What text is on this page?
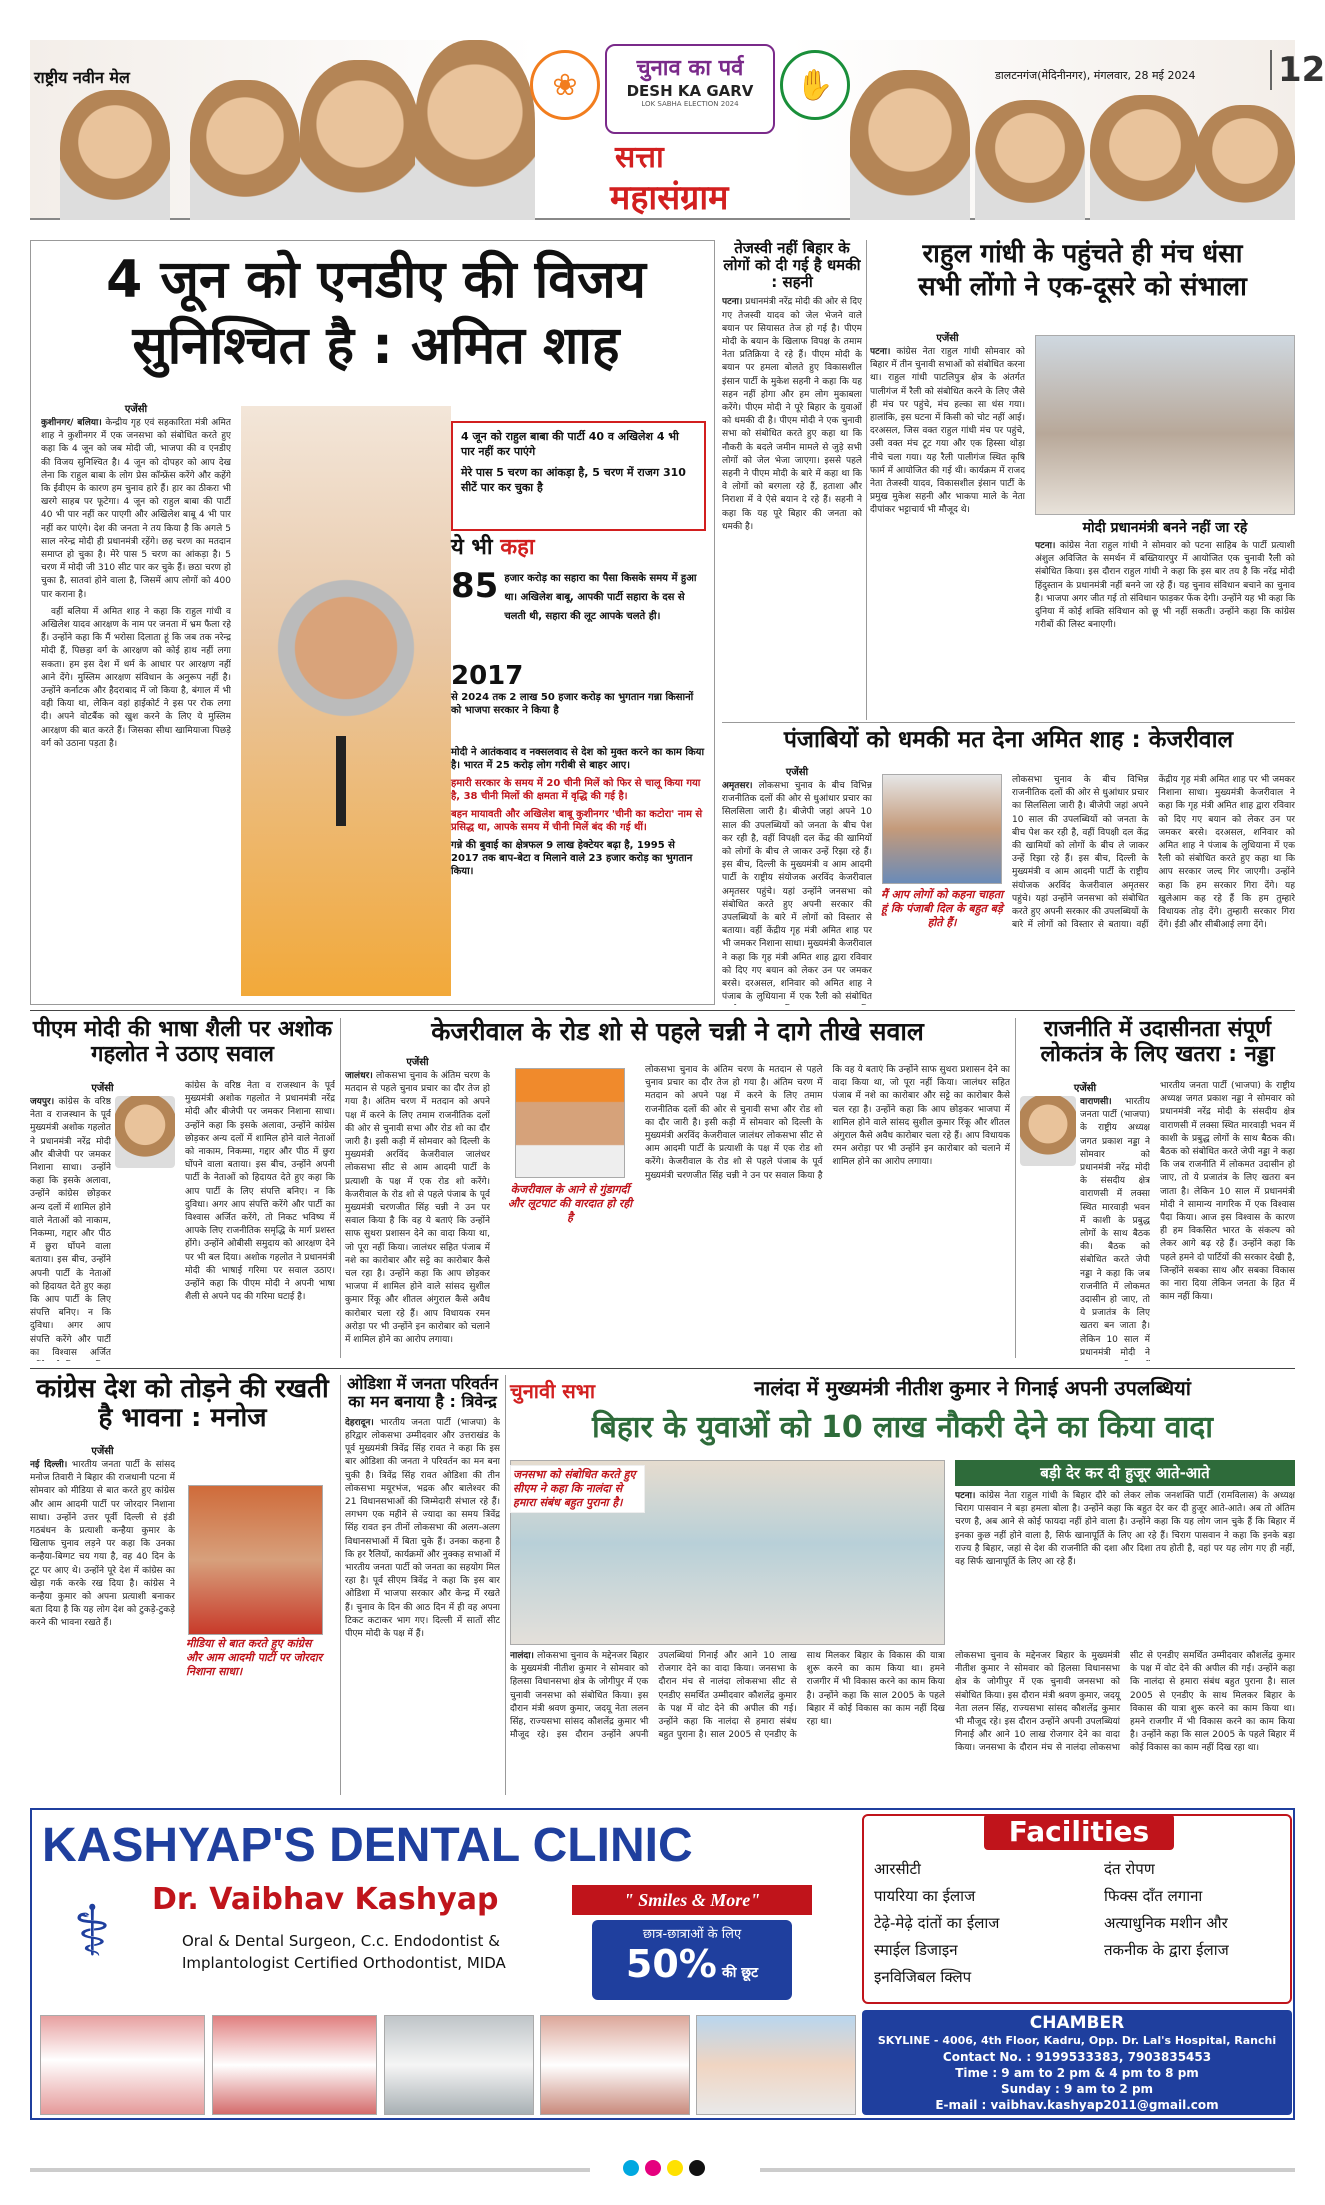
राष्ट्रीय नवीन मेल	❀	चुनाव का पर्व
DESH KA GARV
LOK SABHA ELECTION 2024
✋
सत्ता
महासंग्राम
डालटनगंज(मेदिनीनगर), मंगलवार, 28 मई 2024 12
4 जून को एनडीए की विजय
सुनिश्चित है : अमित शाह
एजेंसी
कुशीनगर/ बलिया। केन्द्रीय गृह एवं सहकारिता मंत्री अमित शाह ने कुशीनगर में एक जनसभा को संबोधित करते हुए कहा कि 4 जून को जब मोदी जी, भाजपा की व एनडीए की विजय सुनिश्चित है। 4 जून को दोपहर को आप देख लेना कि राहुल बाबा के लोग प्रेस कॉन्फ्रेंस करेंगे और कहेंगे कि ईवीएम के कारण हम चुनाव हारे हैं। हार का ठीकरा भी खरगे साहब पर फूटेगा। 4 जून को राहुल बाबा की पार्टी 40 भी पार नहीं कर पाएगी और अखिलेश बाबू 4 भी पार नहीं कर पाएंगे। देश की जनता ने तय किया है कि अगले 5 साल नरेन्द्र मोदी ही प्रधानमंत्री रहेंगे। छह चरण का मतदान समाप्त हो चुका है। मेरे पास 5 चरण का आंकड़ा है। 5 चरण में मोदी जी 310 सीट पार कर चुके हैं। छठा चरण हो चुका है, सातवां होने वाला है, जिसमें आप लोगों को 400 पार कराना है।

वहीं बलिया में अमित शाह ने कहा कि राहुल गांधी व अखिलेश यादव आरक्षण के नाम पर जनता में भ्रम फैला रहे हैं। उन्होंने कहा कि मैं भरोसा दिलाता हूं कि जब तक नरेन्द्र मोदी हैं, पिछड़ा वर्ग के आरक्षण को कोई हाथ नहीं लगा सकता। हम इस देश में धर्म के आधार पर आरक्षण नहीं आने देंगे। मुस्लिम आरक्षण संविधान के अनुरूप नहीं है। उन्होंने कर्नाटक और हैदराबाद में जो किया है, बंगाल में भी वही किया था, लेकिन वहां हाईकोर्ट ने इस पर रोक लगा दी। अपने वोटबैंक को खुश करने के लिए ये मुस्लिम आरक्षण की बात करते हैं। जिसका सीधा खामियाजा पिछड़े वर्ग को उठाना पड़ता है।

4 जून को राहुल बाबा की पार्टी 40 व अखिलेश 4 भी पार नहीं कर पाएंगे
मेरे पास 5 चरण का आंकड़ा है, 5 चरण में राजग 310 सीटें पार कर चुका है
ये भी कहा
85 हजार करोड़ का सहारा का पैसा किसके समय में हुआ था। अखिलेश बाबू, आपकी पार्टी सहारा के दस से चलती थी, सहारा की लूट आपके चलते ही।
2017
से 2024 तक 2 लाख 50 हजार करोड़ का भुगतान गन्ना किसानों को भाजपा सरकार ने किया है
मोदी ने आतंकवाद व नक्सलवाद से देश को मुक्त करने का काम किया है। भारत में 25 करोड़ लोग गरीबी से बाहर आए।
हमारी सरकार के समय में 20 चीनी मिलें को फिर से चालू किया गया है, 38 चीनी मिलों की क्षमता में वृद्धि की गई है।
बहन मायावती और अखिलेश बाबू कुशीनगर 'चीनी का कटोरा' नाम से प्रसिद्ध था, आपके समय में चीनी मिलें बंद की गई थीं।
गन्ने की बुवाई का क्षेत्रफल 9 लाख हेक्टेयर बढ़ा है, 1995 से 2017 तक बाप-बेटा व मिलाने वाले 23 हजार करोड़ का भुगतान किया।
तेजस्वी नहीं बिहार के लोगों को दी गई है धमकी : सहनी
पटना। प्रधानमंत्री नरेंद्र मोदी की ओर से दिए गए तेजस्वी यादव को जेल भेजने वाले बयान पर सियासत तेज हो गई है। पीएम मोदी के बयान के खिलाफ विपक्ष के तमाम नेता प्रतिक्रिया दे रहे हैं। पीएम मोदी के बयान पर हमला बोलते हुए विकासशील इंसान पार्टी के मुकेश सहनी ने कहा कि यह सहन नहीं होगा और हम लोग मुकाबला करेंगे। पीएम मोदी ने पूरे बिहार के युवाओं को धमकी दी है। पीएम मोदी ने एक चुनावी सभा को संबोधित करते हुए कहा था कि नौकरी के बदले जमीन मामले से जुड़े सभी लोगों को जेल भेजा जाएगा। इससे पहले सहनी ने पीएम मोदी के बारे में कहा था कि वे लोगों को बरगला रहे हैं, हताशा और निराशा में वे ऐसे बयान दे रहे हैं। सहनी ने कहा कि यह पूरे बिहार की जनता को धमकी है।
राहुल गांधी के पहुंचते ही मंच धंसा
सभी लोंगो ने एक-दूसरे को संभाला
एजेंसी
पटना। कांग्रेस नेता राहुल गांधी सोमवार को बिहार में तीन चुनावी सभाओं को संबोधित करना था। राहुल गांधी पाटलिपुत्र क्षेत्र के अंतर्गत पालीगंज में रैली को संबोधित करने के लिए जैसे ही मंच पर पहुंचे, मंच हल्का सा धंस गया। हालांकि, इस घटना में किसी को चोट नहीं आई। दरअसल, जिस वक्त राहुल गांधी मंच पर पहुंचे, उसी वक्त मंच टूट गया और एक हिस्सा थोड़ा नीचे चला गया। यह रैली पालीगंज स्थित कृषि फार्म में आयोजित की गई थी। कार्यक्रम में राजद नेता तेजस्वी यादव, विकासशील इंसान पार्टी के प्रमुख मुकेश सहनी और भाकपा माले के नेता दीपांकर भट्टाचार्य भी मौजूद थे।
मोदी प्रधानमंत्री बनने नहीं जा रहे
पटना। कांग्रेस नेता राहुल गांधी ने सोमवार को पटना साहिब के पार्टी प्रत्याशी अंशुल अविजित के समर्थन में बख्तियारपुर में आयोजित एक चुनावी रैली को संबोधित किया। इस दौरान राहुल गांधी ने कहा कि इस बार तय है कि नरेंद्र मोदी हिंदुस्तान के प्रधानमंत्री नहीं बनने जा रहे हैं। यह चुनाव संविधान बचाने का चुनाव है। भाजपा अगर जीत गई तो संविधान फाड़कर फेंक देगी। उन्होंने यह भी कहा कि दुनिया में कोई शक्ति संविधान को छू भी नहीं सकती। उन्होंने कहा कि कांग्रेस गरीबों की लिस्ट बनाएगी।
पंजाबियों को धमकी मत देना अमित शाह : केजरीवाल
एजेंसी
अमृतसर। लोकसभा चुनाव के बीच विभिन्न राजनीतिक दलों की ओर से धुआंधार प्रचार का सिलसिला जारी है। बीजेपी जहां अपने 10 साल की उपलब्धियों को जनता के बीच पेश कर रही है, वहीं विपक्षी दल केंद्र की खामियों को लोगों के बीच ले जाकर उन्हें रिझा रहे हैं। इस बीच, दिल्ली के मुख्यमंत्री व आम आदमी पार्टी के राष्ट्रीय संयोजक अरविंद केजरीवाल अमृतसर पहुंचे। यहां उन्होंने जनसभा को संबोधित करते हुए अपनी सरकार की उपलब्धियों के बारे में लोगों को विस्तार से बताया। वहीं केंद्रीय गृह मंत्री अमित शाह पर भी जमकर निशाना साधा। मुख्यमंत्री केजरीवाल ने कहा कि गृह मंत्री अमित शाह द्वारा रविवार को दिए गए बयान को लेकर उन पर जमकर बरसे। दरअसल, शनिवार को अमित शाह ने पंजाब के लुधियाना में एक रैली को संबोधित
मैं आप लोगों को कहना चाहता हूं कि पंजाबी दिल के बहुत बड़े होते हैं।
लोकसभा चुनाव के बीच विभिन्न राजनीतिक दलों की ओर से धुआंधार प्रचार का सिलसिला जारी है। बीजेपी जहां अपने 10 साल की उपलब्धियों को जनता के बीच पेश कर रही है, वहीं विपक्षी दल केंद्र की खामियों को लोगों के बीच ले जाकर उन्हें रिझा रहे हैं। इस बीच, दिल्ली के मुख्यमंत्री व आम आदमी पार्टी के राष्ट्रीय संयोजक अरविंद केजरीवाल अमृतसर पहुंचे। यहां उन्होंने जनसभा को संबोधित करते हुए अपनी सरकार की उपलब्धियों के बारे में लोगों को विस्तार से बताया। वहीं केंद्रीय गृह मंत्री अमित शाह पर भी जमकर निशाना साधा। मुख्यमंत्री केजरीवाल ने कहा कि गृह मंत्री अमित शाह द्वारा रविवार को दिए गए बयान को लेकर उन पर जमकर बरसे। दरअसल, शनिवार को अमित शाह ने पंजाब के लुधियाना में एक रैली को संबोधित करते हुए कहा था कि आप सरकार जल्द गिर जाएगी। उन्होंने कहा कि हम सरकार गिरा देंगे। यह खुलेआम कह रहे हैं कि हम तुम्हारे विधायक तोड़ देंगे। तुम्हारी सरकार गिरा देंगे। ईडी और सीबीआई लगा देंगे।
पीएम मोदी की भाषा शैली पर अशोक गहलोत ने उठाए सवाल
एजेंसी
जयपुर। कांग्रेस के वरिष्ठ नेता व राजस्थान के पूर्व मुख्यमंत्री अशोक गहलोत ने प्रधानमंत्री नरेंद्र मोदी और बीजेपी पर जमकर निशाना साधा। उन्होंने कहा कि इसके अलावा, उन्होंने कांग्रेस छोड़कर अन्य दलों में शामिल होने वाले नेताओं को नाकाम, निकम्मा, गद्दार और पीठ में छुरा घोंपने वाला बताया। इस बीच, उन्होंने अपनी पार्टी के नेताओं को हिदायत देते हुए कहा कि आप पार्टी के लिए संपत्ति बनिए। न कि दुविधा। अगर आप संपत्ति करेंगे और पार्टी का विश्वास अर्जित
कांग्रेस के वरिष्ठ नेता व राजस्थान के पूर्व मुख्यमंत्री अशोक गहलोत ने प्रधानमंत्री नरेंद्र मोदी और बीजेपी पर जमकर निशाना साधा। उन्होंने कहा कि इसके अलावा, उन्होंने कांग्रेस छोड़कर अन्य दलों में शामिल होने वाले नेताओं को नाकाम, निकम्मा, गद्दार और पीठ में छुरा घोंपने वाला बताया। इस बीच, उन्होंने अपनी पार्टी के नेताओं को हिदायत देते हुए कहा कि आप पार्टी के लिए संपत्ति बनिए। न कि दुविधा। अगर आप संपत्ति करेंगे और पार्टी का विश्वास अर्जित करेंगे, तो निकट भविष्य में आपके लिए राजनीतिक समृद्धि के मार्ग प्रशस्त होंगे। उन्होंने ओबीसी समुदाय को आरक्षण देने पर भी बल दिया। अशोक गहलोत ने प्रधानमंत्री मोदी की भाषाई गरिमा पर सवाल उठाए। उन्होंने कहा कि पीएम मोदी ने अपनी भाषा शैली से अपने पद की गरिमा घटाई है।
केजरीवाल के रोड शो से पहले चन्नी ने दागे तीखे सवाल
एजेंसी
जालंधर। लोकसभा चुनाव के अंतिम चरण के मतदान से पहले चुनाव प्रचार का दौर तेज हो गया है। अंतिम चरण में मतदान को अपने पक्ष में करने के लिए तमाम राजनीतिक दलों की ओर से चुनावी सभा और रोड शो का दौर जारी है। इसी कड़ी में सोमवार को दिल्ली के मुख्यमंत्री अरविंद केजरीवाल जालंधर लोकसभा सीट से आम आदमी पार्टी के प्रत्याशी के पक्ष में एक रोड शो करेंगे। केजरीवाल के रोड शो से पहले पंजाब के पूर्व मुख्यमंत्री चरणजीत सिंह चन्नी ने उन पर सवाल किया है कि वह ये बताएं कि उन्होंने साफ सुथरा प्रशासन देने का वादा किया था, जो पूरा नहीं किया। जालंधर सहित पंजाब में नशे का कारोबार और सट्टे का कारोबार कैसे चल रहा है। उन्होंने कहा कि आप छोड़कर भाजपा में शामिल होने वाले सांसद सुशील कुमार रिंकू और शीतल अंगुराल कैसे अवैध कारोबार चला रहे हैं। आप विधायक रमन अरोड़ा पर भी उन्होंने इन कारोबार को चलाने में शामिल होने का आरोप लगाया।
केजरीवाल के आने से गुंडागर्दी और लूटपाट की वारदात हो रही है
लोकसभा चुनाव के अंतिम चरण के मतदान से पहले चुनाव प्रचार का दौर तेज हो गया है। अंतिम चरण में मतदान को अपने पक्ष में करने के लिए तमाम राजनीतिक दलों की ओर से चुनावी सभा और रोड शो का दौर जारी है। इसी कड़ी में सोमवार को दिल्ली के मुख्यमंत्री अरविंद केजरीवाल जालंधर लोकसभा सीट से आम आदमी पार्टी के प्रत्याशी के पक्ष में एक रोड शो करेंगे। केजरीवाल के रोड शो से पहले पंजाब के पूर्व मुख्यमंत्री चरणजीत सिंह चन्नी ने उन पर सवाल किया है कि वह ये बताएं कि उन्होंने साफ सुथरा प्रशासन देने का वादा किया था, जो पूरा नहीं किया। जालंधर सहित पंजाब में नशे का कारोबार और सट्टे का कारोबार कैसे चल रहा है। उन्होंने कहा कि आप छोड़कर भाजपा में शामिल होने वाले सांसद सुशील कुमार रिंकू और शीतल अंगुराल कैसे अवैध कारोबार चला रहे हैं। आप विधायक रमन अरोड़ा पर भी उन्होंने इन कारोबार को चलाने में शामिल होने का आरोप लगाया।
राजनीति में उदासीनता संपूर्ण लोकतंत्र के लिए खतरा : नड्डा
एजेंसी
वाराणसी। भारतीय जनता पार्टी (भाजपा) के राष्ट्रीय अध्यक्ष जगत प्रकाश नड्डा ने सोमवार को प्रधानमंत्री नरेंद्र मोदी के संसदीय क्षेत्र वाराणसी में लक्सा स्थित मारवाड़ी भवन में काशी के प्रबुद्ध लोगों के साथ बैठक की। बैठक को संबोधित करते जेपी नड्डा ने कहा कि जब राजनीति में लोकमत उदासीन हो जाए, तो ये प्रजातंत्र के लिए खतरा बन जाता है। लेकिन 10 साल में प्रधानमंत्री मोदी ने
भारतीय जनता पार्टी (भाजपा) के राष्ट्रीय अध्यक्ष जगत प्रकाश नड्डा ने सोमवार को प्रधानमंत्री नरेंद्र मोदी के संसदीय क्षेत्र वाराणसी में लक्सा स्थित मारवाड़ी भवन में काशी के प्रबुद्ध लोगों के साथ बैठक की। बैठक को संबोधित करते जेपी नड्डा ने कहा कि जब राजनीति में लोकमत उदासीन हो जाए, तो ये प्रजातंत्र के लिए खतरा बन जाता है। लेकिन 10 साल में प्रधानमंत्री मोदी ने सामान्य नागरिक में एक विश्वास पैदा किया। आज इस विश्वास के कारण ही हम विकसित भारत के संकल्प को लेकर आगे बढ़ रहे हैं। उन्होंने कहा कि पहले हमने दो पार्टियों की सरकार देखी है, जिन्होंने सबका साथ और सबका विकास का नारा दिया लेकिन जनता के हित में काम नहीं किया।
कांग्रेस देश को तोड़ने की रखती है भावना : मनोज
एजेंसी
नई दिल्ली। भारतीय जनता पार्टी के सांसद मनोज तिवारी ने बिहार की राजधानी पटना में सोमवार को मीडिया से बात करते हुए कांग्रेस और आम आदमी पार्टी पर जोरदार निशाना साधा। उन्होंने उत्तर पूर्वी दिल्ली से इंडी गठबंधन के प्रत्याशी कन्हैया कुमार के खिलाफ चुनाव लड़ने पर कहा कि उनका कन्हैया-बिग्गट चय गया है, वह 40 दिन के टूट पर आए थे। उन्होंने पूरे देश में कांग्रेस का खेड़ा गर्क करके रख दिया है। कांग्रेस ने कन्हैया कुमार को अपना प्रत्याशी बनाकर बता दिया है कि यह लोग देश को टुकड़े-टुकड़े करने की भावना रखते हैं।
मीडिया से बात करते हुए कांग्रेस और आम आदमी पार्टी पर जोरदार निशाना साधा।
ओडिशा में जनता परिवर्तन का मन बनाया है : त्रिवेन्द्र
देहरादून। भारतीय जनता पार्टी (भाजपा) के हरिद्वार लोकसभा उम्मीदवार और उत्तराखंड के पूर्व मुख्यमंत्री त्रिवेंद्र सिंह रावत ने कहा कि इस बार ओडिशा की जनता ने परिवर्तन का मन बना चुकी है। त्रिवेंद्र सिंह रावत ओडिशा की तीन लोकसभा मयूरभंज, भद्रक और बालेश्वर की 21 विधानसभाओं की जिम्मेदारी संभाल रहे हैं। लगभग एक महीने से ज्यादा का समय त्रिवेंद्र सिंह रावत इन तीनों लोकसभा की अलग-अलग विधानसभाओं में बिता चुके हैं। उनका कहना है कि हर रैलियों, कार्यक्रमों और नुक्कड़ सभाओं में भारतीय जनता पार्टी को जनता का सहयोग मिल रहा है। पूर्व सीएम त्रिवेंद्र ने कहा कि इस बार ओडिशा में भाजपा सरकार और केन्द्र में रखते हैं। चुनाव के दिन की आठ दिन में ही वह अपना टिकट कटाकर भाग गए। दिल्ली में सातों सीट पीएम मोदी के पक्ष में हैं।
चुनावी सभा	नालंदा में मुख्यमंत्री नीतीश कुमार ने गिनाई अपनी उपलब्धियां
बिहार के युवाओं को 10 लाख नौकरी देने का किया वादा
जनसभा को संबोधित करते हुए सीएम ने कहा कि नालंदा से हमारा संबंध बहुत पुराना है।
नालंदा। लोकसभा चुनाव के मद्देनजर बिहार के मुख्यमंत्री नीतीश कुमार ने सोमवार को हिलसा विधानसभा क्षेत्र के जोगीपुर में एक चुनावी जनसभा को संबोधित किया। इस दौरान मंत्री श्रवण कुमार, जदयू नेता ललन सिंह, राज्यसभा सांसद कौशलेंद्र कुमार भी मौजूद रहे। इस दौरान उन्होंने अपनी उपलब्धियां गिनाई और आने 10 लाख रोजगार देने का वादा किया। जनसभा के दौरान मंच से नालंदा लोकसभा सीट से एनडीए समर्थित उम्मीदवार कौशलेंद्र कुमार के पक्ष में वोट देने की अपील की गई। उन्होंने कहा कि नालंदा से हमारा संबंध बहुत पुराना है। साल 2005 से एनडीए के साथ मिलकर बिहार के विकास की यात्रा शुरू करने का काम किया था। हमने राजगीर में भी विकास करने का काम किया है। उन्होंने कहा कि साल 2005 के पहले बिहार में कोई विकास का काम नहीं दिख रहा था।
बड़ी देर कर दी हुजूर आते-आते
पटना। कांग्रेस नेता राहुल गांधी के बिहार दौरे को लेकर लोक जनशक्ति पार्टी (रामविलास) के अध्यक्ष चिराग पासवान ने बड़ा हमला बोला है। उन्होंने कहा कि बहुत देर कर दी हुजूर आते-आते। अब तो अंतिम चरण है, अब आने से कोई फायदा नहीं होने वाला है। उन्होंने कहा कि यह लोग जान चुके हैं कि बिहार में इनका कुछ नहीं होने वाला है, सिर्फ खानापूर्ति के लिए आ रहे हैं। चिराग पासवान ने कहा कि इनके बड़ा राज्य है बिहार, जहां से देश की राजनीति की दशा और दिशा तय होती है, वहां पर यह लोग गए ही नहीं, वह सिर्फ खानापूर्ति के लिए आ रहे हैं।
लोकसभा चुनाव के मद्देनजर बिहार के मुख्यमंत्री नीतीश कुमार ने सोमवार को हिलसा विधानसभा क्षेत्र के जोगीपुर में एक चुनावी जनसभा को संबोधित किया। इस दौरान मंत्री श्रवण कुमार, जदयू नेता ललन सिंह, राज्यसभा सांसद कौशलेंद्र कुमार भी मौजूद रहे। इस दौरान उन्होंने अपनी उपलब्धियां गिनाई और आने 10 लाख रोजगार देने का वादा किया। जनसभा के दौरान मंच से नालंदा लोकसभा सीट से एनडीए समर्थित उम्मीदवार कौशलेंद्र कुमार के पक्ष में वोट देने की अपील की गई। उन्होंने कहा कि नालंदा से हमारा संबंध बहुत पुराना है। साल 2005 से एनडीए के साथ मिलकर बिहार के विकास की यात्रा शुरू करने का काम किया था। हमने राजगीर में भी विकास करने का काम किया है। उन्होंने कहा कि साल 2005 के पहले बिहार में कोई विकास का काम नहीं दिख रहा था।
KASHYAP'S DENTAL CLINIC
⚕	Dr. Vaibhav Kashyap	" Smiles & More"
Oral & Dental Surgeon, C.c. Endodontist &
Implantologist Certified Orthodontist, MIDA
छात्र-छात्राओं के लिए
50% की छूट
Facilities
आरसीटी
पायरिया का ईलाज
टेढ़े-मेढ़े दांतों का ईलाज
स्माईल डिजाइन
इनविजिबल क्लिप
दंत रोपण
फिक्स दाँत लगाना
अत्याधुनिक मशीन और
तकनीक के द्वारा ईलाज
CHAMBER
SKYLINE - 4006, 4th Floor, Kadru, Opp. Dr. Lal's Hospital, Ranchi
Contact No. : 9199533383, 7903835453
Time : 9 am to 2 pm & 4 pm to 8 pm
Sunday : 9 am to 2 pm
E-mail : vaibhav.kashyap2011@gmail.com
